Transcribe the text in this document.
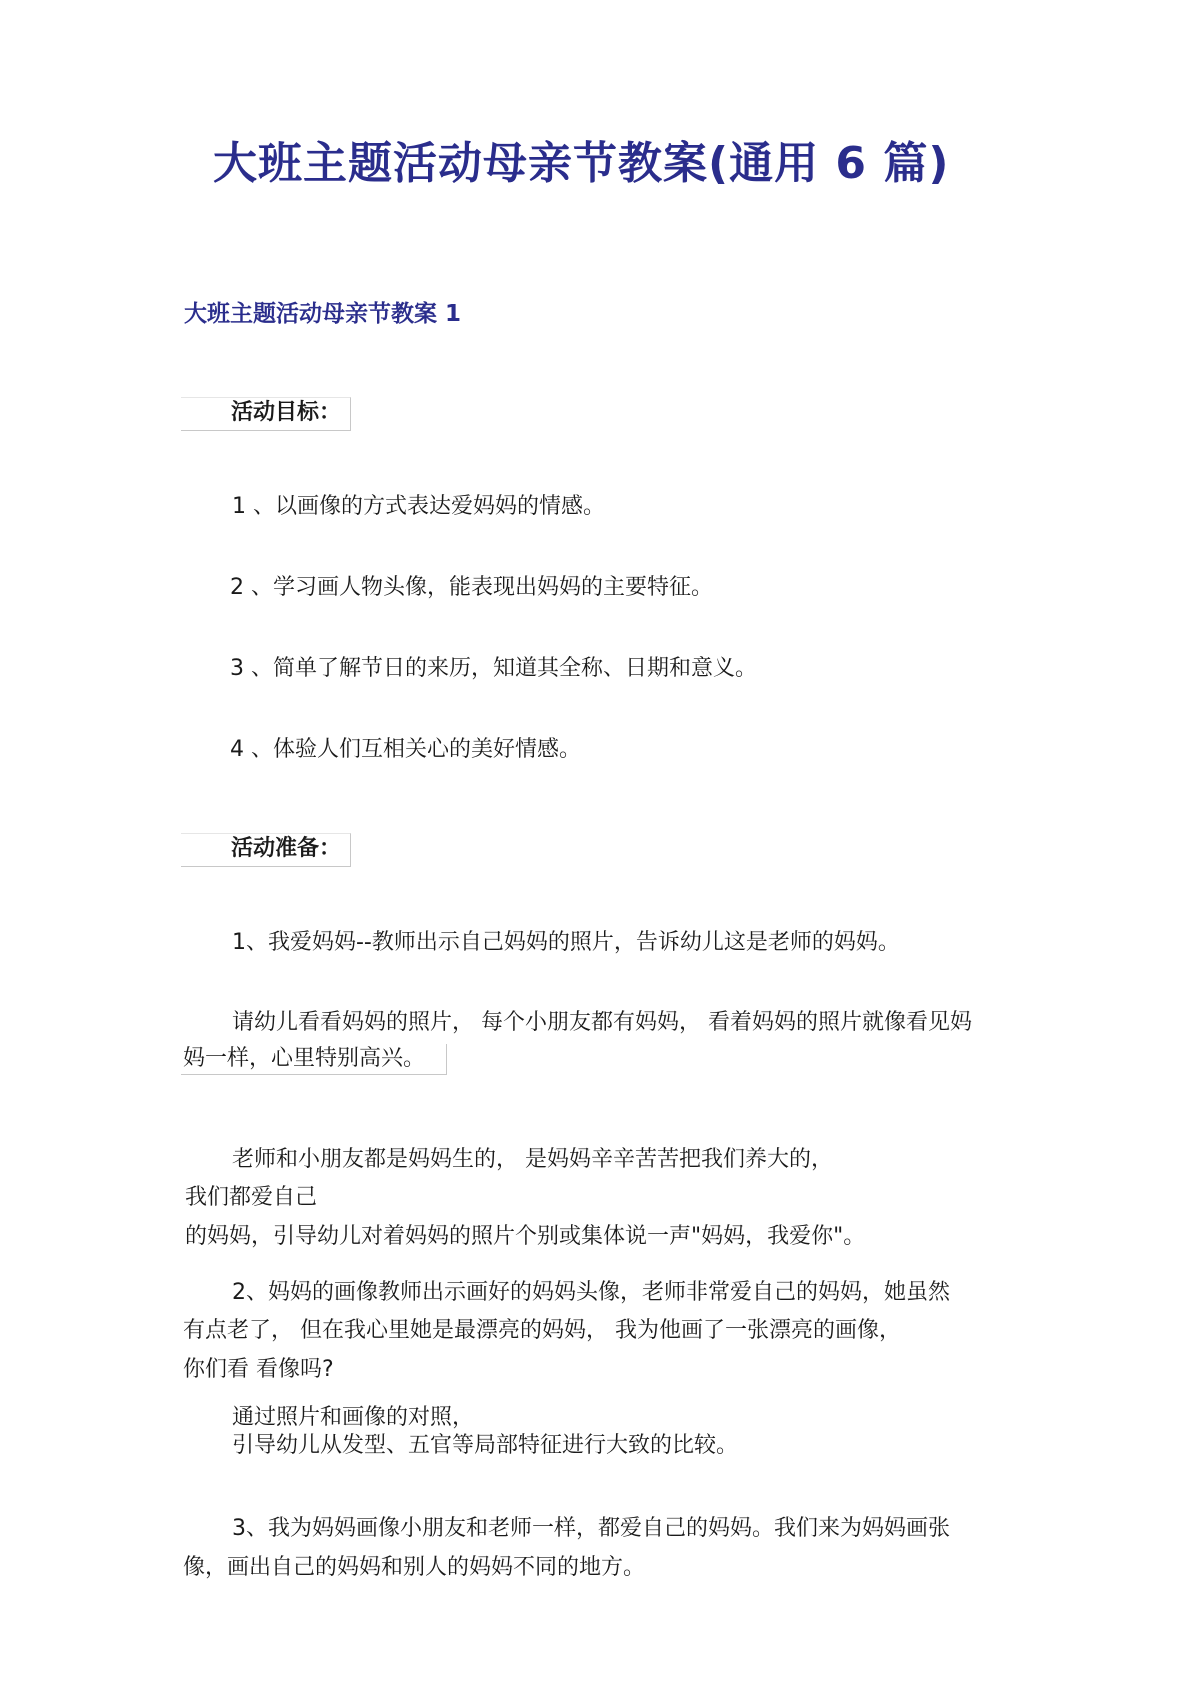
大班主题活动母亲节教案(通用 6 篇)
大班主题活动母亲节教案 1
活动目标：

1 、以画像的方式表达爱妈妈的情感。

2 、学习画人物头像，能表现出妈妈的主要特征。

3 、简单了解节日的来历，知道其全称、日期和意义。

4 、体验人们互相关心的美好情感。

活动准备：

1、我爱妈妈--教师出示自己妈妈的照片，告诉幼儿这是老师的妈妈。

请幼儿看看妈妈的照片， 每个小朋友都有妈妈， 看着妈妈的照片就像看见妈

妈一样，心里特别高兴。

老师和小朋友都是妈妈生的， 是妈妈辛辛苦苦把我们养大的，

我们都爱自己

的妈妈，引导幼儿对着妈妈的照片个别或集体说一声"妈妈，我爱你"。

2、妈妈的画像教师出示画好的妈妈头像，老师非常爱自己的妈妈，她虽然

有点老了， 但在我心里她是最漂亮的妈妈， 我为他画了一张漂亮的画像，

你们看 看像吗?

通过照片和画像的对照，

引导幼儿从发型、五官等局部特征进行大致的比较。

3、我为妈妈画像小朋友和老师一样，都爱自己的妈妈。我们来为妈妈画张

像，画出自己的妈妈和别人的妈妈不同的地方。
